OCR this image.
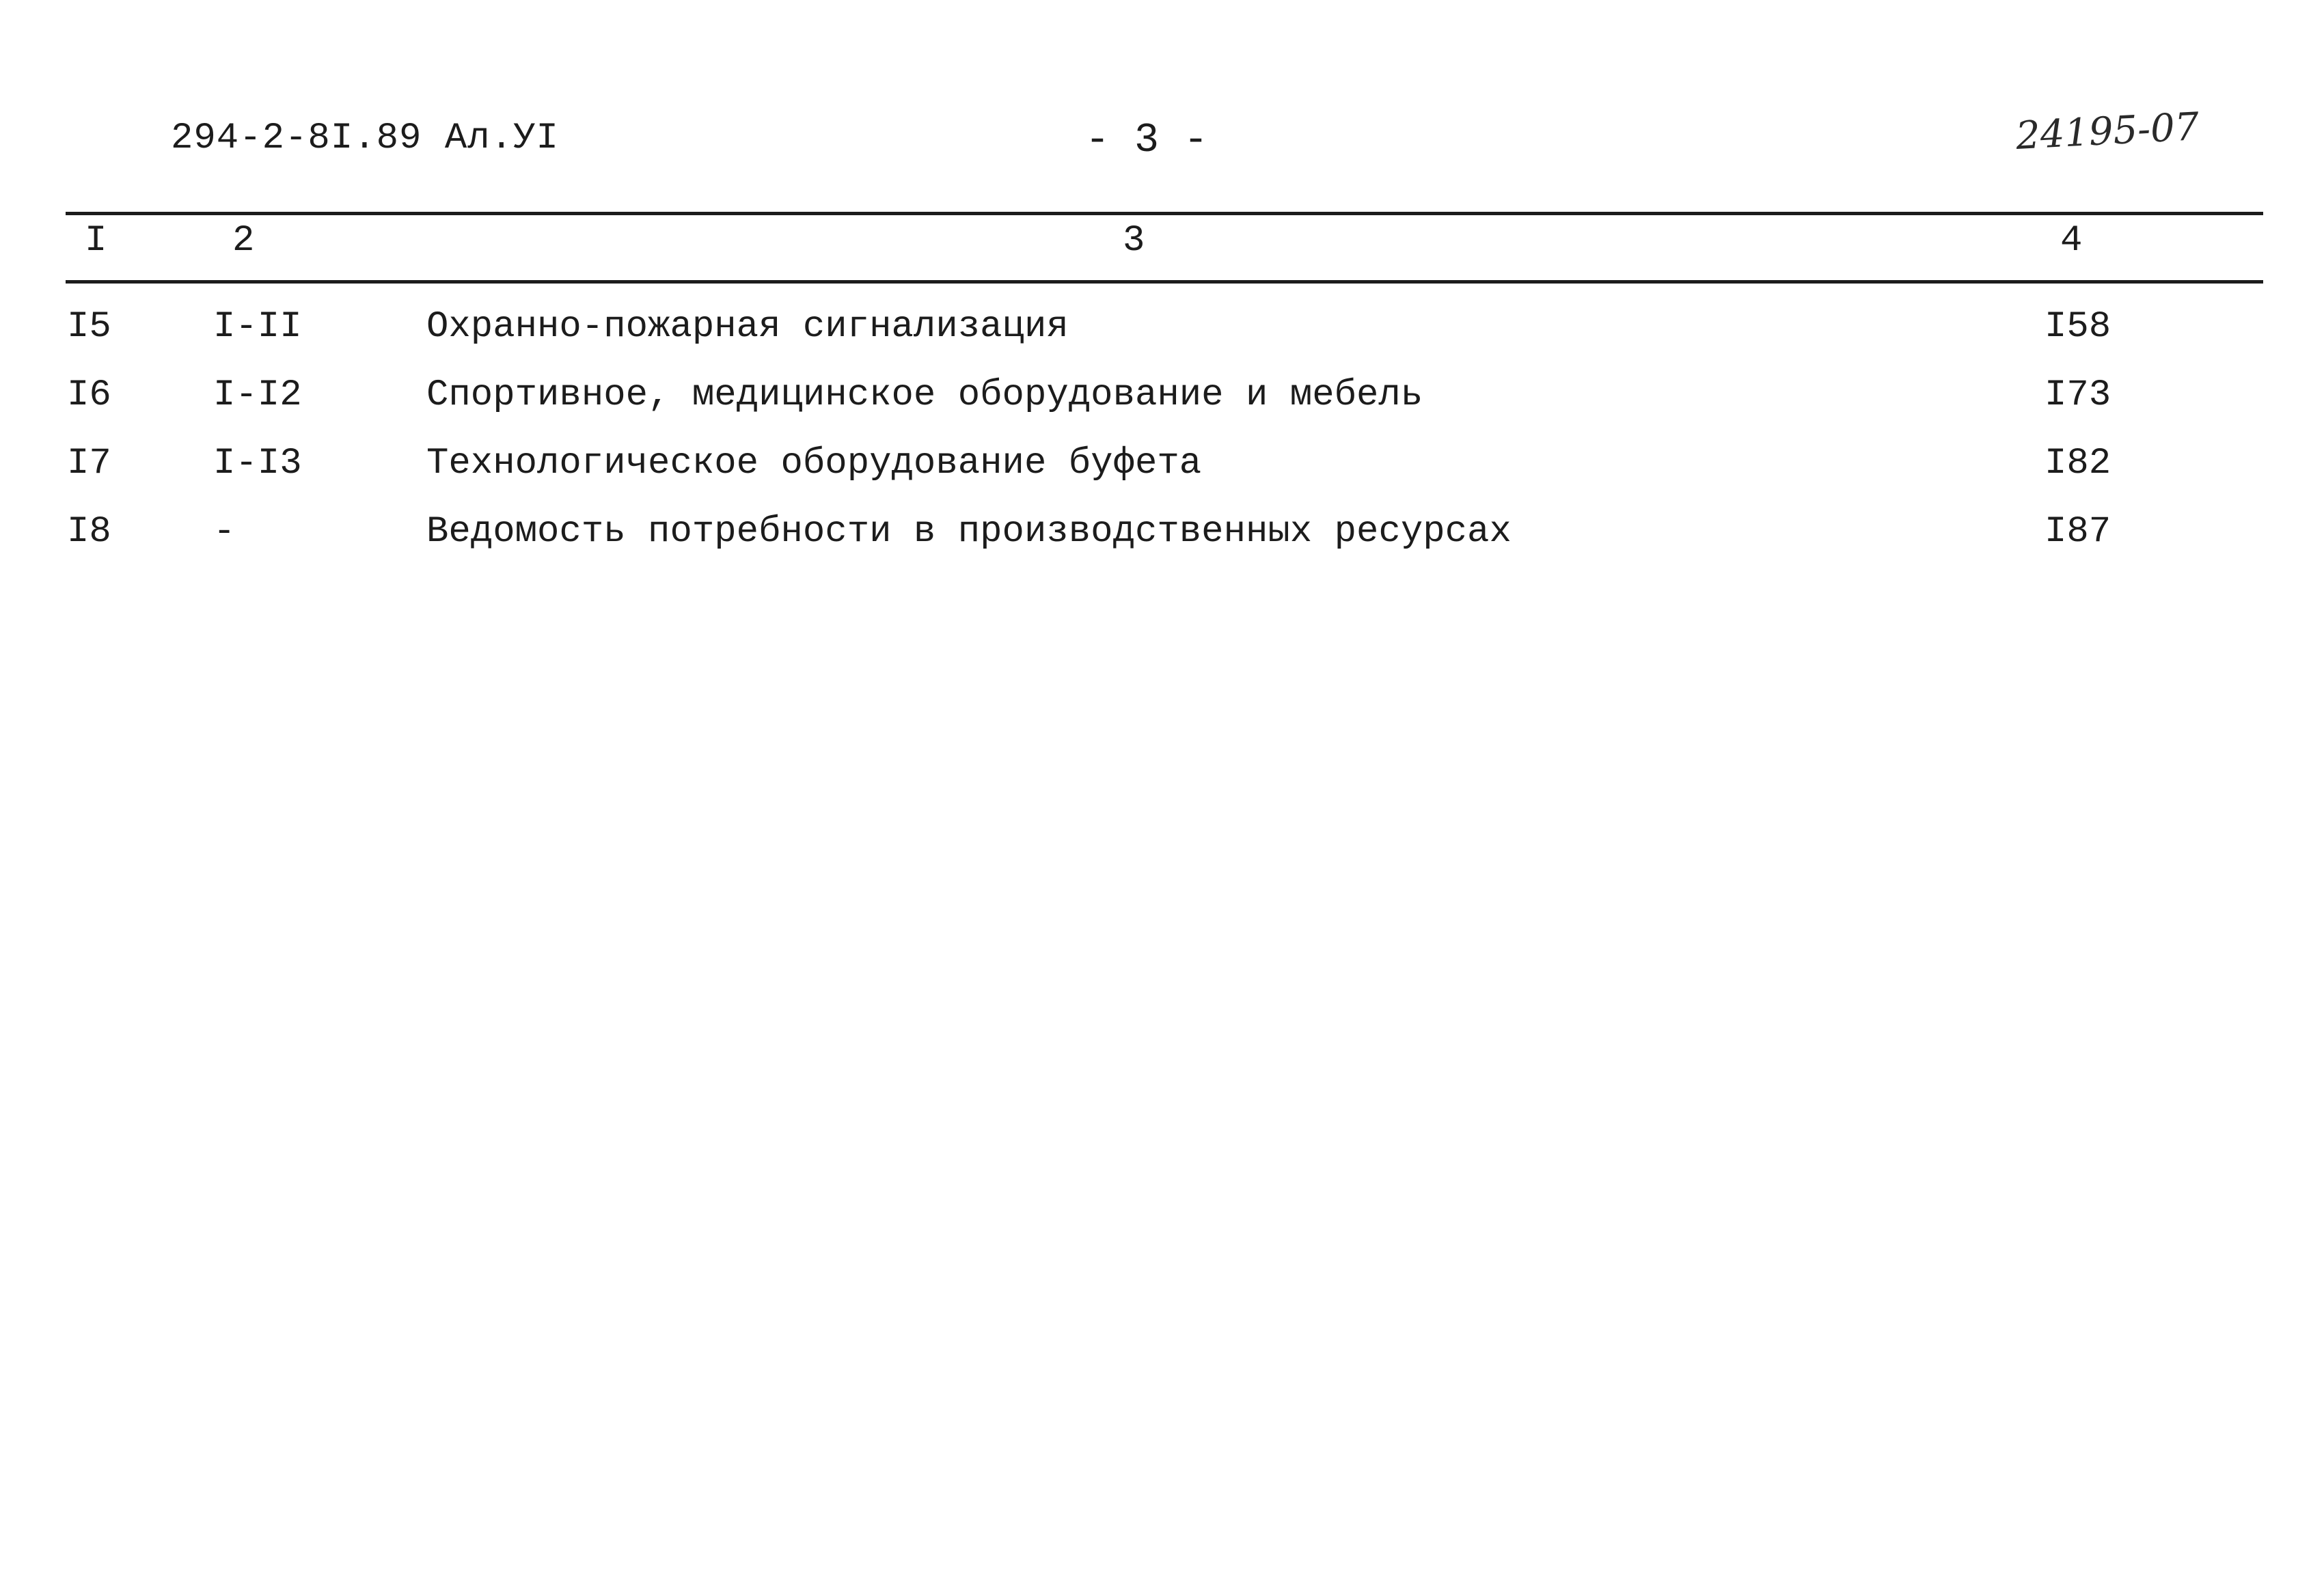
294-2-8I.89 Ал.УI	- 3 -	24195-07
I	2	3	4
I5	I-II	Охранно-пожарная сигнализация	I58
I6	I-I2	Спортивное, медицинское оборудование и мебель	I73
I7	I-I3	Технологическое оборудование буфета	I82
I8	-	Ведомость потребности в производственных ресурсах	I87
